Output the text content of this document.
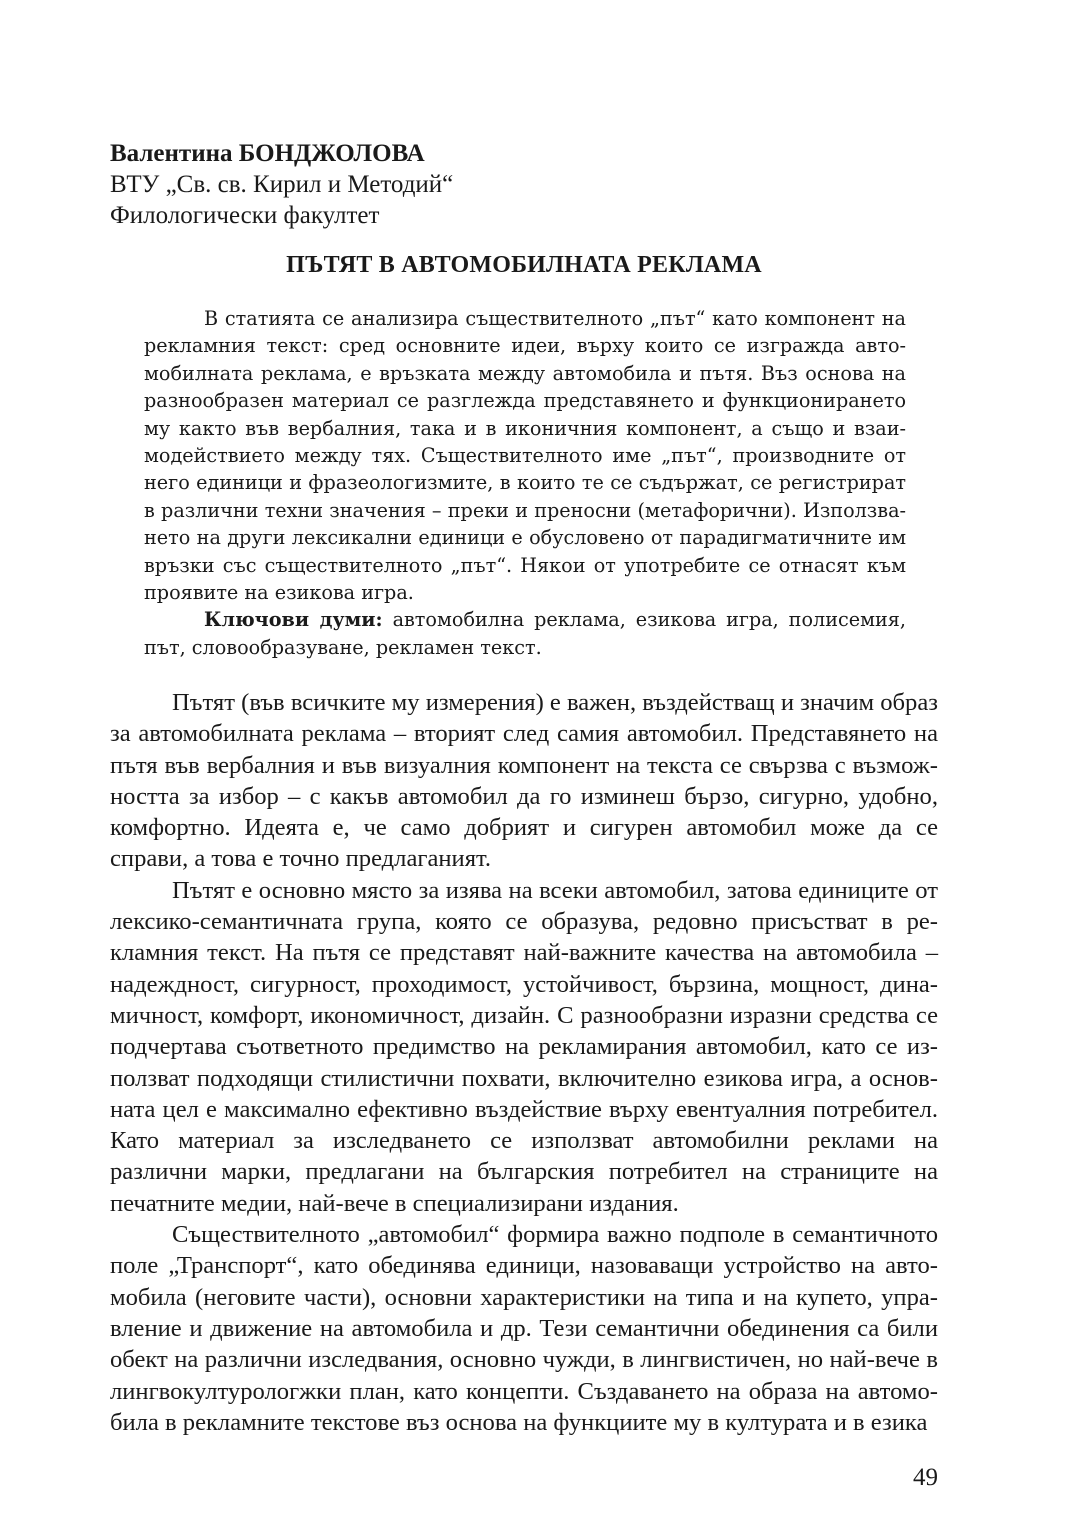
Валентина БОНДЖОЛОВА
ВТУ „Св. св. Кирил и Методий“
Филологически факултет
ПЪТЯТ В АВТОМОБИЛНАТА РЕКЛАМА

В статията се анализира съществителното „път“ като компонент на рекламния текст: сред основните идеи, върху които се изгражда автомобилната реклама, е връзката между автомобила и пътя. Въз основа на разнообразен материал се разглежда представянето и функционирането му както във вербалния, така и в иконичния компонент, а също и взаимодействието между тях. Съществителното име „път“, производните от него единици и фразеологизмите, в които те се съдържат, се регистрират в различни техни значения – преки и преносни (метафорични). Използването на други лексикални единици е обусловено от парадигматичните им връзки със съществителното „път“. Някои от употребите се отнасят към проявите на езикова игра.

Ключови думи: автомобилна реклама, езикова игра, полисемия, път, словообразуване, рекламен текст.

Пътят (във всичките му измерения) е важен, въздействащ и значим образ за автомобилната реклама – вторият след самия автомобил. Представянето на пътя във вербалния и във визуалния компонент на текста се свързва с възможността за избор – с какъв автомобил да го изминеш бързо, сигурно, удобно, комфортно. Идеята е, че само добрият и сигурен автомобил може да се справи, а това е точно предлаганият.

Пътят е основно място за изява на всеки автомобил, затова единиците от лексико-семантичната група, която се образува, редовно присъстват в рекламния текст. На пътя се представят най-важните качества на автомобила – надеждност, сигурност, проходимост, устойчивост, бързина, мощност, динамичност, комфорт, икономичност, дизайн. С разнообразни изразни средства се подчертава съответното предимство на рекламирания автомобил, като се използват подходящи стилистични похвати, включително езикова игра, а основната цел е максимално ефективно въздействие върху евентуалния потребител. Като материал за изследването се използват автомобилни реклами на различни марки, предлагани на българския потребител на страниците на печатните медии, най-вече в специализирани издания.

Съществителното „автомобил“ формира важно подполе в семантичното поле „Транспорт“, като обединява единици, назоваващи устройство на автомобила (неговите части), основни характеристики на типа и на купето, управление и движение на автомобила и др. Тези семантични обединения са били обект на различни изследвания, основно чужди, в лингвистичен, но най-вече в лингвокултурологжки план, като концепти. Създаването на образа на автомобила в рекламните текстове въз основа на функциите му в културата и в езика

49
